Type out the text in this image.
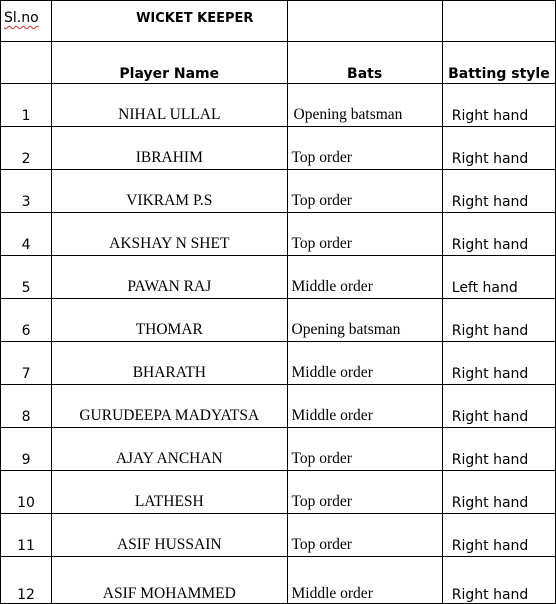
Sl.no	WICKET KEEPER		
	Player Name	Bats	Batting style
1	NIHAL ULLAL	Opening batsman	Right hand
2	IBRAHIM	Top order	Right hand
3	VIKRAM P.S	Top order	Right hand
4	AKSHAY N SHET	Top order	Right hand
5	PAWAN RAJ	Middle order	Left hand
6	THOMAR	Opening batsman	Right hand
7	BHARATH	Middle order	Right hand
8	GURUDEEPA MADYATSA	Middle order	Right hand
9	AJAY ANCHAN	Top order	Right hand
10	LATHESH	Top order	Right hand
11	ASIF HUSSAIN	Top order	Right hand
12	ASIF MOHAMMED	Middle order	Right hand
